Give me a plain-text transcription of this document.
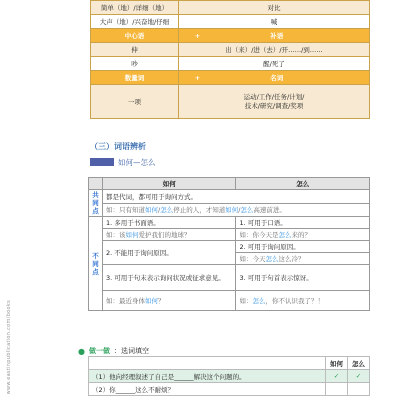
简单（地）/详细（地）	对比
大声（地）/兴奋地/仔细	喊
中心语	+ 补语
伸	出（来）/进（去）/开……/到……
吵	醒/死了
数量词	+ 名词
一项	运动/工作/任务/计划/
技术/研究/调查/奖项
（三）词语辨析
如何—怎么
	如何	怎么
共同点	都是代词，都可用于询问方式。	
	如：只有知道如何/怎么停止的人，才知道如何/怎么高速前进。	
不同点	1. 多用于书面语。	1. 可用于口语。
	如：该如何爱护我们的地球？	如：你今天是怎么来的？
	2. 不能用于询问原因。	2. 可用于询问原因。
		如：今天怎么这么冷？
	3. 可用于句末表示询问状况或征求意见。	3. 可用于句首表示惊讶。
	如：最近身体如何？	如：怎么，你不认识我了？！
● 做一做 ：选词填空
	如何	怎么
（1）他向经理叙述了自己是______解决这个问题的。	✓	✓
（2）你______这么不耐烦？		
www.eastinpublication.com/books
